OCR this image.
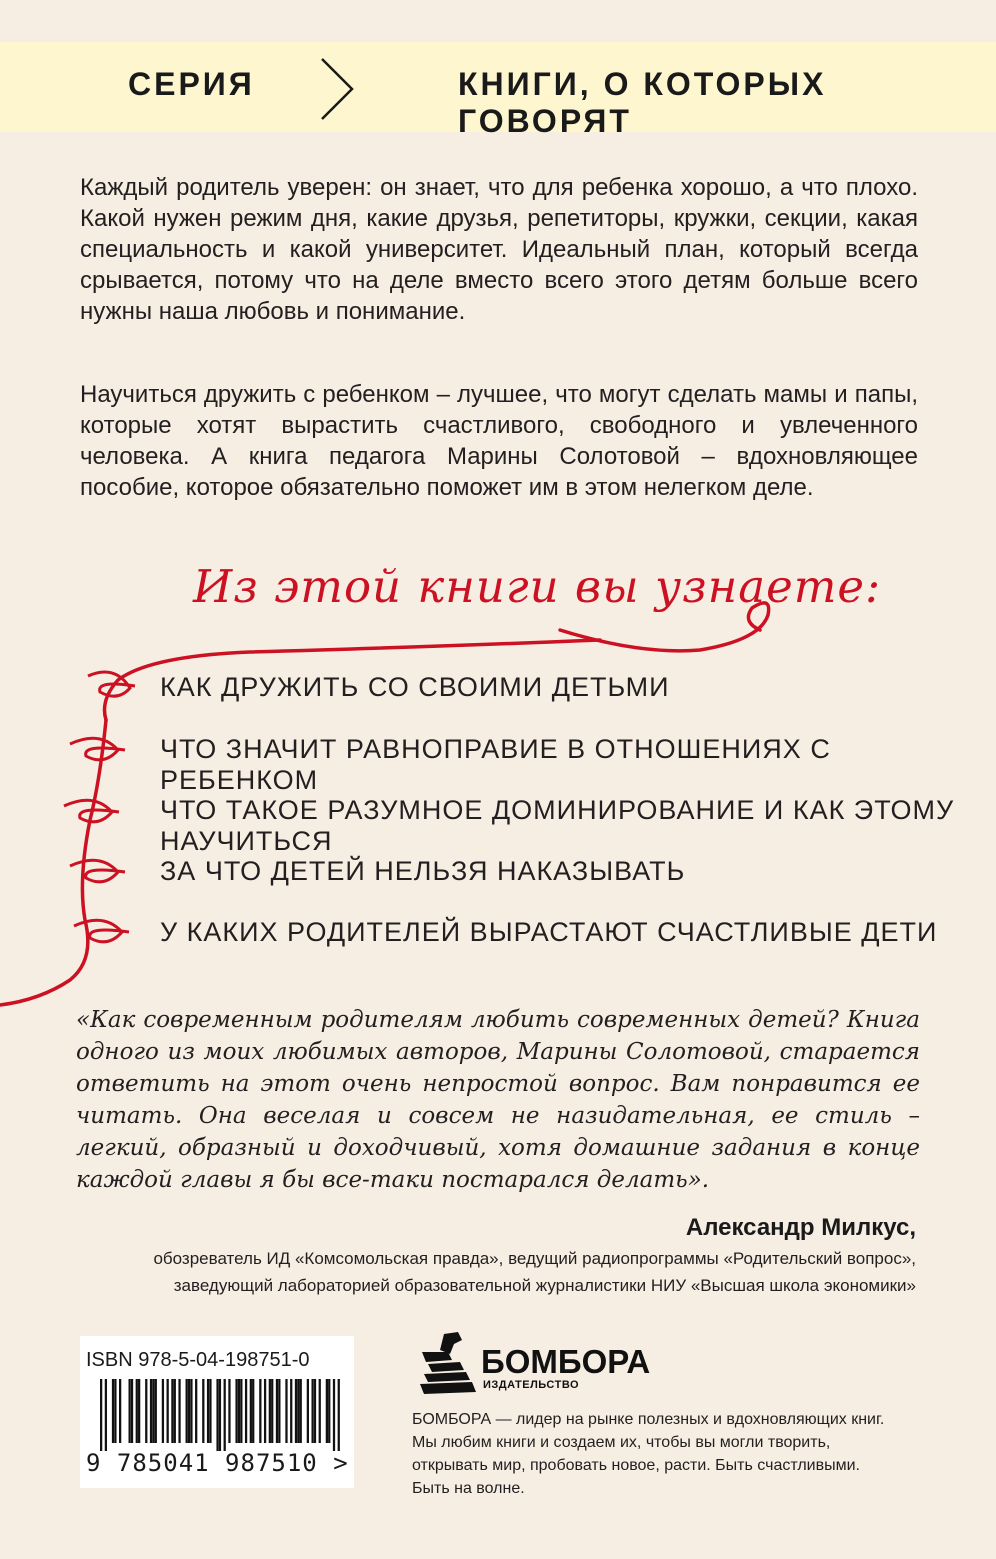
СЕРИЯ	КНИГИ, О КОТОРЫХ ГОВОРЯТ

Каждый родитель уверен: он знает, что для ребенка хорошо, а что плохо. Какой нужен режим дня, какие друзья, репетиторы, кружки, секции, какая специальность и какой университет. Идеальный план, который всегда срывается, потому что на деле вместо всего этого детям больше всего нужны наша любовь и понимание.

Научиться дружить с ребенком – лучшее, что могут сделать мамы и папы, которые хотят вырастить счастливого, свободного и увлеченного человека. А книга педагога Марины Солотовой – вдохновляющее пособие, которое обязательно поможет им в этом нелегком деле.

Из этой книги вы узнаете:
КАК ДРУЖИТЬ СО СВОИМИ ДЕТЬМИ
ЧТО ЗНАЧИТ РАВНОПРАВИЕ В ОТНОШЕНИЯХ С РЕБЕНКОМ
ЧТО ТАКОЕ РАЗУМНОЕ ДОМИНИРОВАНИЕ И КАК ЭТОМУ НАУЧИТЬСЯ
ЗА ЧТО ДЕТЕЙ НЕЛЬЗЯ НАКАЗЫВАТЬ
У КАКИХ РОДИТЕЛЕЙ ВЫРАСТАЮТ СЧАСТЛИВЫЕ ДЕТИ

«Как современным родителям любить современных детей? Книга одного из моих любимых авторов, Марины Солотовой, старается ответить на этот очень непростой вопрос. Вам понравится ее читать. Она веселая и совсем не назидательная, ее стиль – легкий, образный и доходчивый, хотя домашние задания в конце каждой главы я бы все-таки постарался делать».

Александр Милкус,
обозреватель ИД «Комсомольская правда», ведущий радиопрограммы «Родительский вопрос»,
заведующий лабораторией образовательной журналистики НИУ «Высшая школа экономики»
ISBN 978-5-04-198751-0
9 785041 987510 >
БОМБОРА
ИЗДАТЕЛЬСТВО
БОМБОРА — лидер на рынке полезных и вдохновляющих книг. Мы любим книги и создаем их, чтобы вы могли творить, открывать мир, пробовать новое, расти. Быть счастливыми. Быть на волне.
